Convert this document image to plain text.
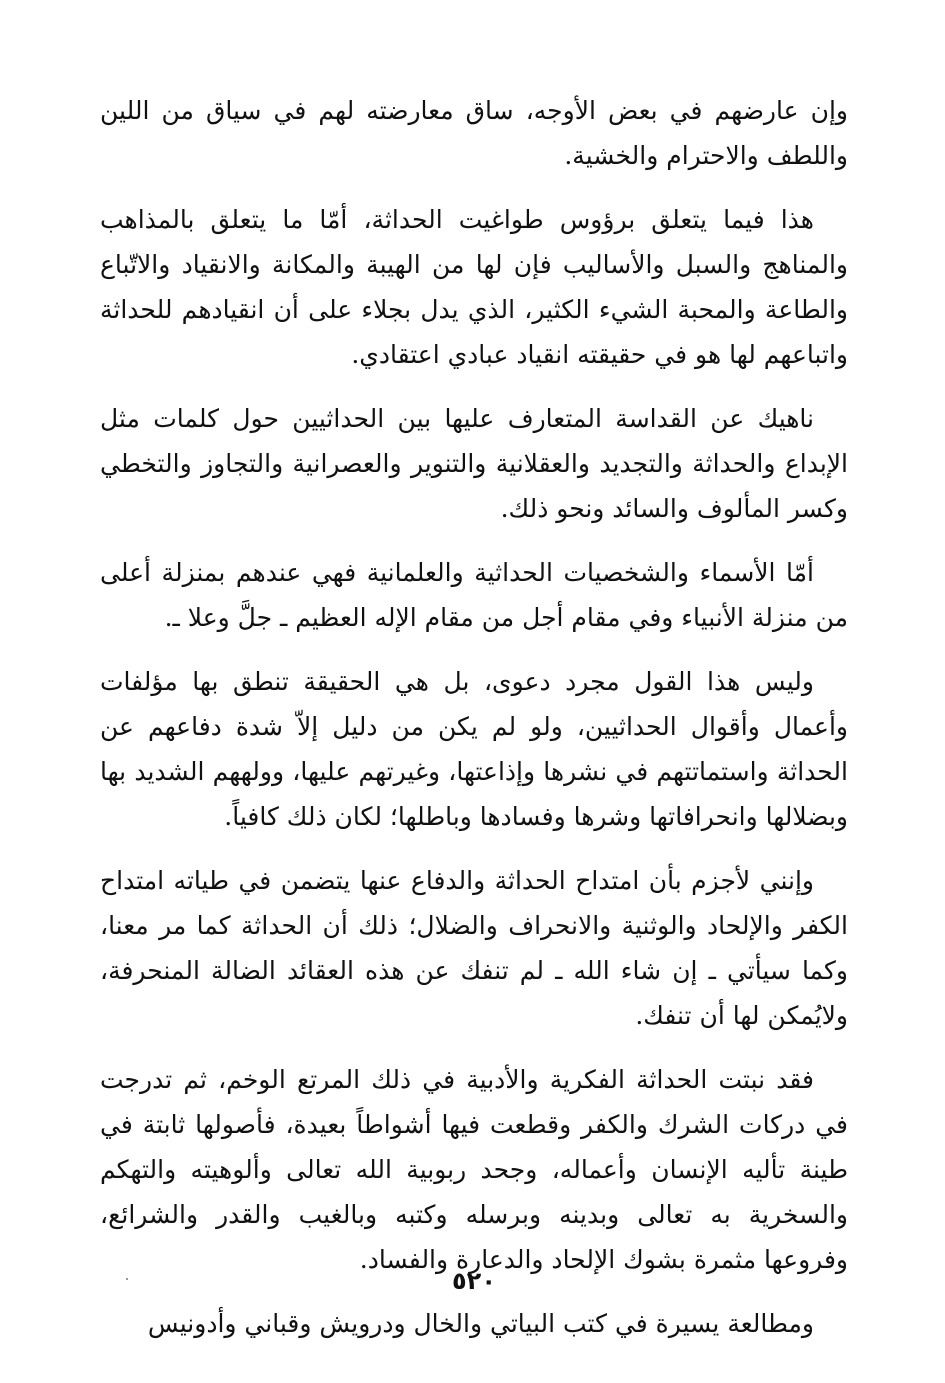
وإن عارضهم في بعض الأوجه، ساق معارضته لهم في سياق من اللين واللطف والاحترام والخشية.

هذا فيما يتعلق برؤوس طواغيت الحداثة، أمّا ما يتعلق بالمذاهب والمناهج والسبل والأساليب فإن لها من الهيبة والمكانة والانقياد والاتّباع والطاعة والمحبة الشيء الكثير، الذي يدل بجلاء على أن انقيادهم للحداثة واتباعهم لها هو في حقيقته انقياد عبادي اعتقادي.

ناهيك عن القداسة المتعارف عليها بين الحداثيين حول كلمات مثل الإبداع والحداثة والتجديد والعقلانية والتنوير والعصرانية والتجاوز والتخطي وكسر المألوف والسائد ونحو ذلك.

أمّا الأسماء والشخصيات الحداثية والعلمانية فهي عندهم بمنزلة أعلى من منزلة الأنبياء وفي مقام أجل من مقام الإله العظيم ـ جلَّ وعلا ـ.

وليس هذا القول مجرد دعوى، بل هي الحقيقة تنطق بها مؤلفات وأعمال وأقوال الحداثيين، ولو لم يكن من دليل إلاّ شدة دفاعهم عن الحداثة واستماتتهم في نشرها وإذاعتها، وغيرتهم عليها، وولههم الشديد بها وبضلالها وانحرافاتها وشرها وفسادها وباطلها؛ لكان ذلك كافياً.

وإنني لأجزم بأن امتداح الحداثة والدفاع عنها يتضمن في طياته امتداح الكفر والإلحاد والوثنية والانحراف والضلال؛ ذلك أن الحداثة كما مر معنا، وكما سيأتي ـ إن شاء الله ـ لم تنفك عن هذه العقائد الضالة المنحرفة، ولايُمكن لها أن تنفك.

فقد نبتت الحداثة الفكرية والأدبية في ذلك المرتع الوخم، ثم تدرجت في دركات الشرك والكفر وقطعت فيها أشواطاً بعيدة، فأصولها ثابتة في طينة تأليه الإنسان وأعماله، وجحد ربوبية الله تعالى وألوهيته والتهكم والسخرية به تعالى وبدينه وبرسله وكتبه وبالغيب والقدر والشرائع، وفروعها مثمرة بشوك الإلحاد والدعارة والفساد.

ومطالعة يسيرة في كتب البياتي والخال ودرويش وقباني وأدونيس

٥٢٠
